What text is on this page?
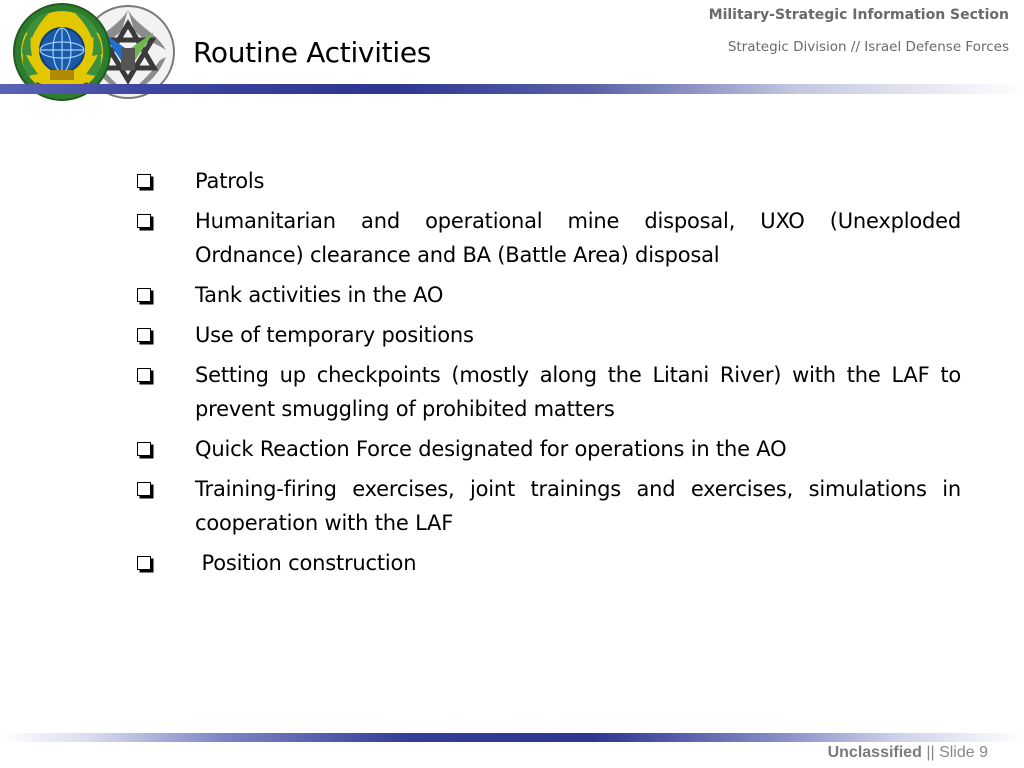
Routine Activities
Military-Strategic Information Section
Strategic Division // Israel Defense Forces
Patrols
Humanitarian and operational mine disposal, UXO (Unexploded Ordnance) clearance and BA (Battle Area) disposal
Tank activities in the AO
Use of temporary positions
Setting up checkpoints (mostly along the Litani River) with the LAF to prevent smuggling of prohibited matters
Quick Reaction Force designated for operations in the AO
Training-firing exercises, joint trainings and exercises, simulations in cooperation with the LAF
Position construction
Unclassified || Slide 9
